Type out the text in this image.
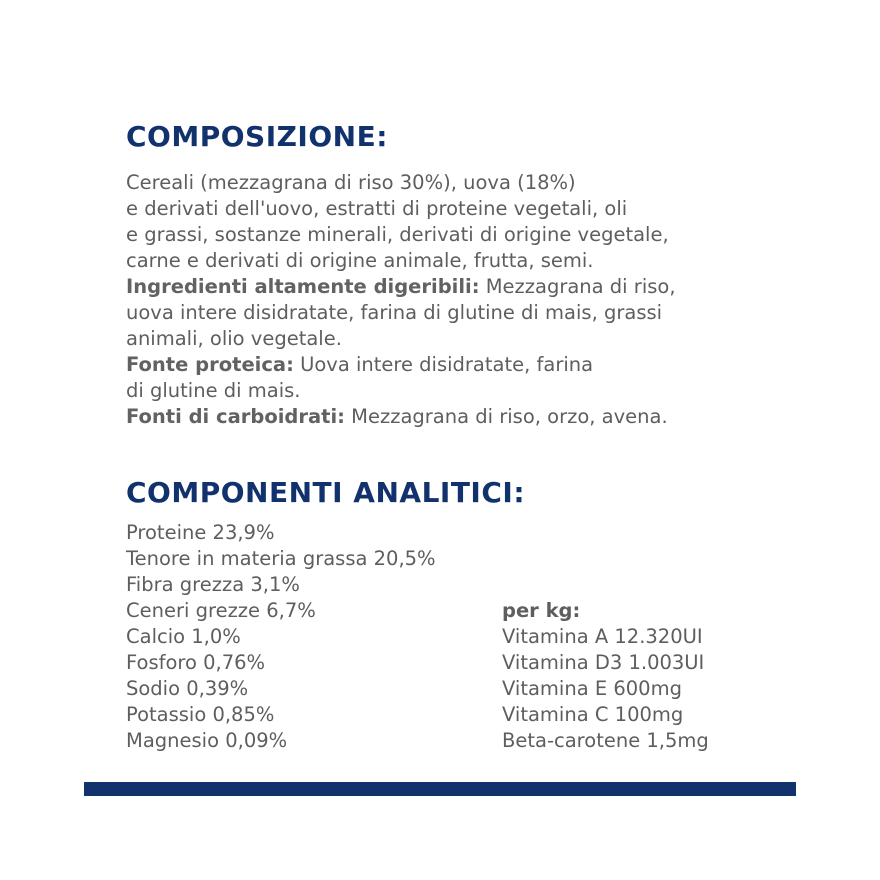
COMPOSIZIONE:
Cereali (mezzagrana di riso 30%), uova (18%)
e derivati dell'uovo, estratti di proteine vegetali, oli
e grassi, sostanze minerali, derivati di origine vegetale,
carne e derivati di origine animale, frutta, semi.
Ingredienti altamente digeribili: Mezzagrana di riso,
uova intere disidratate, farina di glutine di mais, grassi
animali, olio vegetale.
Fonte proteica: Uova intere disidratate, farina
di glutine di mais.
Fonti di carboidrati: Mezzagrana di riso, orzo, avena.
COMPONENTI ANALITICI:
Proteine 23,9%
Tenore in materia grassa 20,5%
Fibra grezza 3,1%
Ceneri grezze 6,7%
Calcio 1,0%
Fosforo 0,76%
Sodio 0,39%
Potassio 0,85%
Magnesio 0,09%
per kg:
Vitamina A 12.320UI
Vitamina D3 1.003UI
Vitamina E 600mg
Vitamina C 100mg
Beta-carotene 1,5mg
